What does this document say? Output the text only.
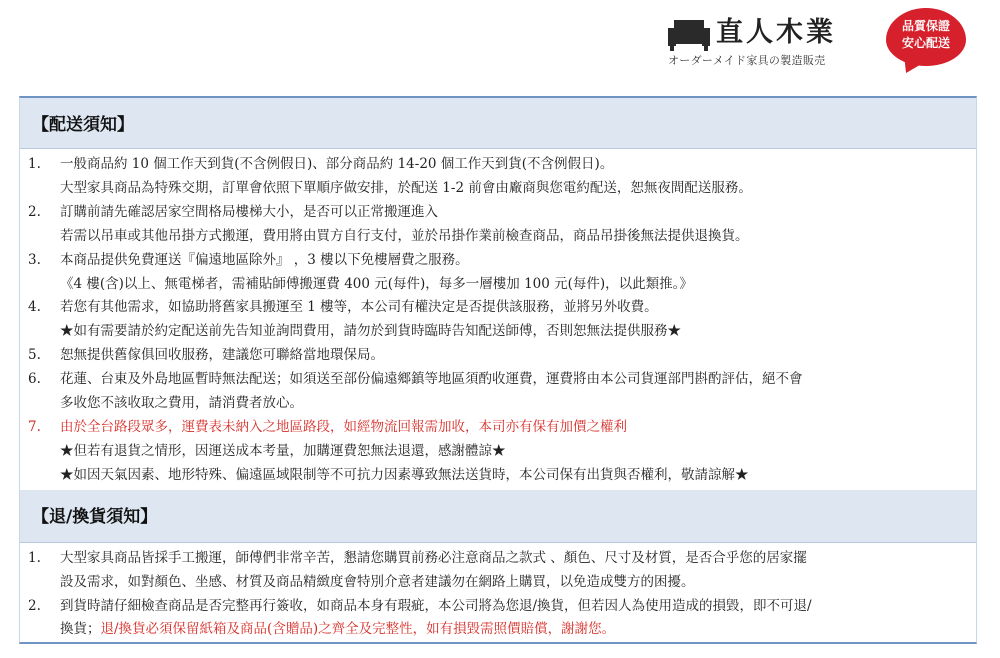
直人木業
オーダーメイド家具の製造販売
品質保證
安心配送
【配送須知】
1.	一般商品約 10 個工作天到貨(不含例假日)、部分商品約 14-20 個工作天到貨(不含例假日)。
大型家具商品為特殊交期，訂單會依照下單順序做安排，於配送 1-2 前會由廠商與您電約配送，恕無夜間配送服務。
2.	訂購前請先確認居家空間格局樓梯大小，是否可以正常搬運進入
若需以吊車或其他吊掛方式搬運，費用將由買方自行支付，並於吊掛作業前檢查商品，商品吊掛後無法提供退換貨。
3.	本商品提供免費運送『偏遠地區除外』 ，3 樓以下免樓層費之服務。
《4 樓(含)以上、無電梯者，需補貼師傅搬運費 400 元(每件)，每多一層樓加 100 元(每件)，以此類推。》
4.	若您有其他需求，如協助將舊家具搬運至 1 樓等，本公司有權決定是否提供該服務，並將另外收費。
★如有需要請於約定配送前先告知並詢問費用，請勿於到貨時臨時告知配送師傅，否則恕無法提供服務★
5.	恕無提供舊傢俱回收服務，建議您可聯絡當地環保局。
6.	花蓮、台東及外島地區暫時無法配送；如須送至部份偏遠鄉鎮等地區須酌收運費，運費將由本公司貨運部門斟酌評估，絕不會
多收您不該收取之費用，請消費者放心。
7.	由於全台路段眾多，運費表未納入之地區路段，如經物流回報需加收，本司亦有保有加價之權利
★但若有退貨之情形，因運送成本考量，加購運費恕無法退還，感謝體諒★
★如因天氣因素、地形特殊、偏遠區域限制等不可抗力因素導致無法送貨時，本公司保有出貨與否權利，敬請諒解★
【退/換貨須知】
1.	大型家具商品皆採手工搬運，師傅們非常辛苦，懇請您購買前務必注意商品之款式 、顏色、尺寸及材質，是否合乎您的居家擺
設及需求，如對顏色、坐感、材質及商品精緻度會特別介意者建議勿在網路上購買，以免造成雙方的困擾。
2.	到貨時請仔細檢查商品是否完整再行簽收，如商品本身有瑕疵，本公司將為您退/換貨，但若因人為使用造成的損毀，即不可退/
換貨；退/換貨必須保留紙箱及商品(含贈品)之齊全及完整性，如有損毀需照價賠償，謝謝您。
